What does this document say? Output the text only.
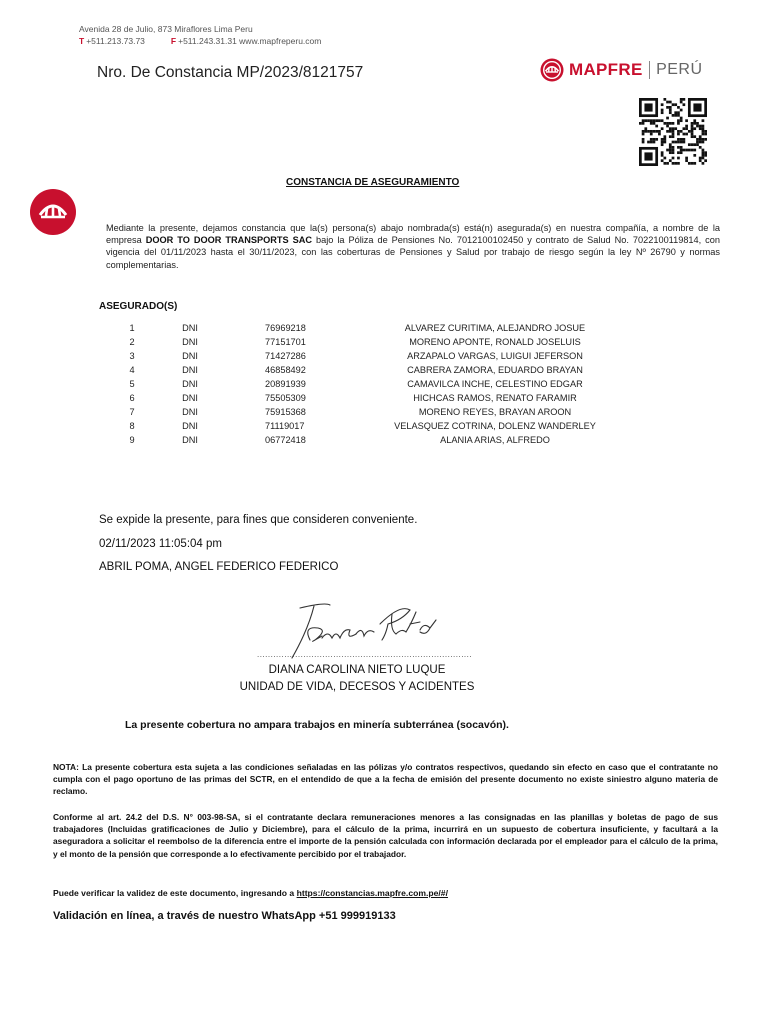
Avenida 28 de Julio, 873 Miraflores Lima Peru
T +511.213.73.73	F +511.243.31.31 www.mapfreperu.com
Nro. De Constancia MP/2023/8121757	MAPFRE PERÚ
CONSTANCIA DE ASEGURAMIENTO
Mediante la presente, dejamos constancia que la(s) persona(s) abajo nombrada(s) está(n) asegurada(s) en nuestra compañía, a nombre de la empresa DOOR TO DOOR TRANSPORTS SAC bajo la Póliza de Pensiones No. 7012100102450 y contrato de Salud No. 7022100119814, con vigencia del 01/11/2023 hasta el 30/11/2023, con las coberturas de Pensiones y Salud por trabajo de riesgo según la ley Nº 26790 y normas complementarias.
ASEGURADO(S)
1	DNI	76969218	ALVAREZ CURITIMA, ALEJANDRO JOSUE
2	DNI	77151701	MORENO APONTE, RONALD JOSELUIS
3	DNI	71427286	ARZAPALO VARGAS, LUIGUI JEFERSON
4	DNI	46858492	CABRERA ZAMORA, EDUARDO BRAYAN
5	DNI	20891939	CAMAVILCA INCHE, CELESTINO EDGAR
6	DNI	75505309	HICHCAS RAMOS, RENATO FARAMIR
7	DNI	75915368	MORENO REYES, BRAYAN AROON
8	DNI	71119017	VELASQUEZ COTRINA, DOLENZ WANDERLEY
9	DNI	06772418	ALANIA ARIAS, ALFREDO
Se expide la presente, para fines que consideren conveniente.
02/11/2023 11:05:04 pm
ABRIL POMA, ANGEL FEDERICO FEDERICO
...............................................................................
DIANA CAROLINA NIETO LUQUE
UNIDAD DE VIDA, DECESOS Y ACIDENTES
La presente cobertura no ampara trabajos en minería subterránea (socavón).
NOTA: La presente cobertura esta sujeta a las condiciones señaladas en las pólizas y/o contratos respectivos, quedando sin efecto en caso que el contratante no cumpla con el pago oportuno de las primas del SCTR, en el entendido de que a la fecha de emisión del presente documento no existe siniestro alguno materia de reclamo.
Conforme al art. 24.2 del D.S. N° 003-98-SA, si el contratante declara remuneraciones menores a las consignadas en las planillas y boletas de pago de sus trabajadores (Incluidas gratificaciones de Julio y Diciembre), para el cálculo de la prima, incurrirá en un supuesto de cobertura insuficiente, y facultará a la aseguradora a solicitar el reembolso de la diferencia entre el importe de la pensión calculada con información declarada por el empleador para el cálculo de la prima, y el monto de la pensión que corresponde a lo efectivamente percibido por el trabajador.
Puede verificar la validez de este documento, ingresando a https://constancias.mapfre.com.pe/#/
Validación en línea, a través de nuestro WhatsApp +51 999919133
